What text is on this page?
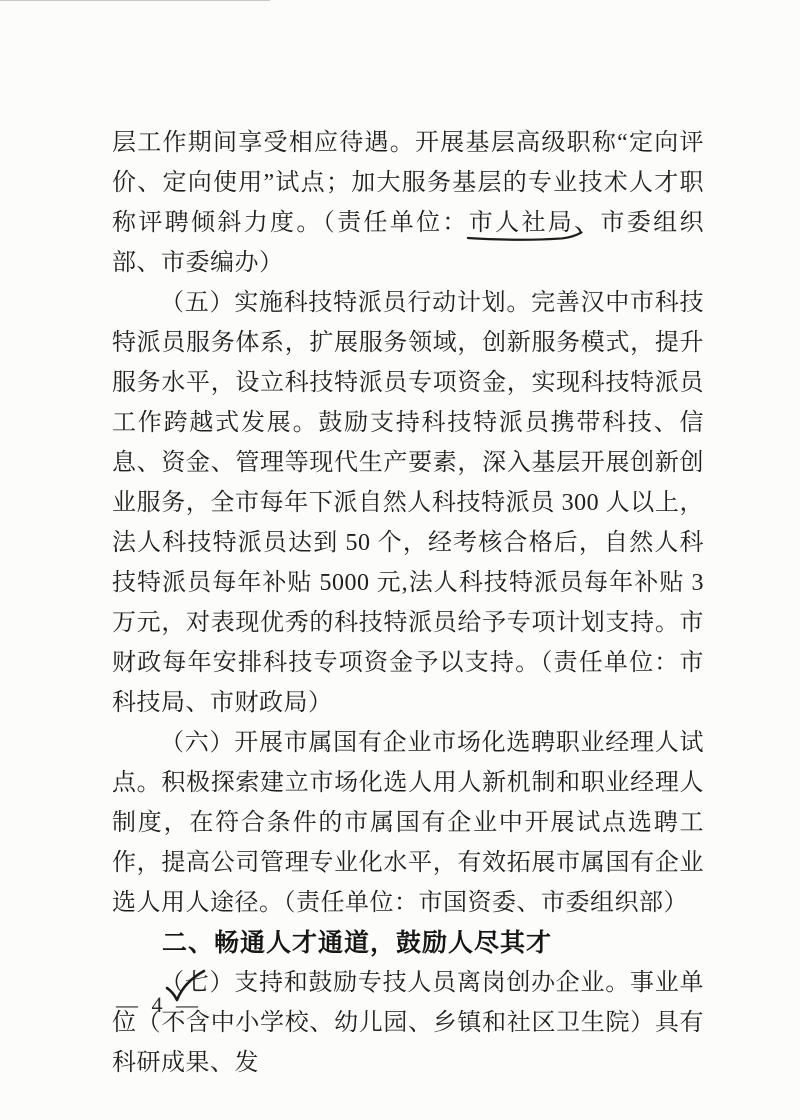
层工作期间享受相应待遇。开展基层高级职称“定向评价、定向使用”试点；加大服务基层的专业技术人才职称评聘倾斜力度。（责任单位：
市人社局、市委组织部、市委编办）

（五）实施科技特派员行动计划。完善汉中市科技特派员服务体系，扩展服务领域，创新服务模式，提升服务水平，设立科技特派员专项资金，实现科技特派员工作跨越式发展。鼓励支持科技特派员携带科技、信息、资金、管理等现代生产要素，深入基层开展创新创业服务，全市每年下派自然人科技特派员 300 人以上，法人科技特派员达到 50 个，经考核合格后，自然人科技特派员每年补贴 5000 元,法人科技特派员每年补贴 3 万元，对表现优秀的科技特派员给予专项计划支持。市财政每年安排科技专项资金予以支持。（责任单位：市科技局、市财政局）

（六）开展市属国有企业市场化选聘职业经理人试点。积极探索建立市场化选人用人新机制和职业经理人制度，在符合条件的市属国有企业中开展试点选聘工作，提高公司管理专业化水平，有效拓展市属国有企业选人用人途径。（责任单位：市国资委、市委组织部）

二、畅通人才通道，鼓励人尽其才

（七）支持和鼓励专技人员离岗创办企业。事业单位（不含中小学校、幼儿园、乡镇和社区卫生院）具有科研成果、发

— 4 —
